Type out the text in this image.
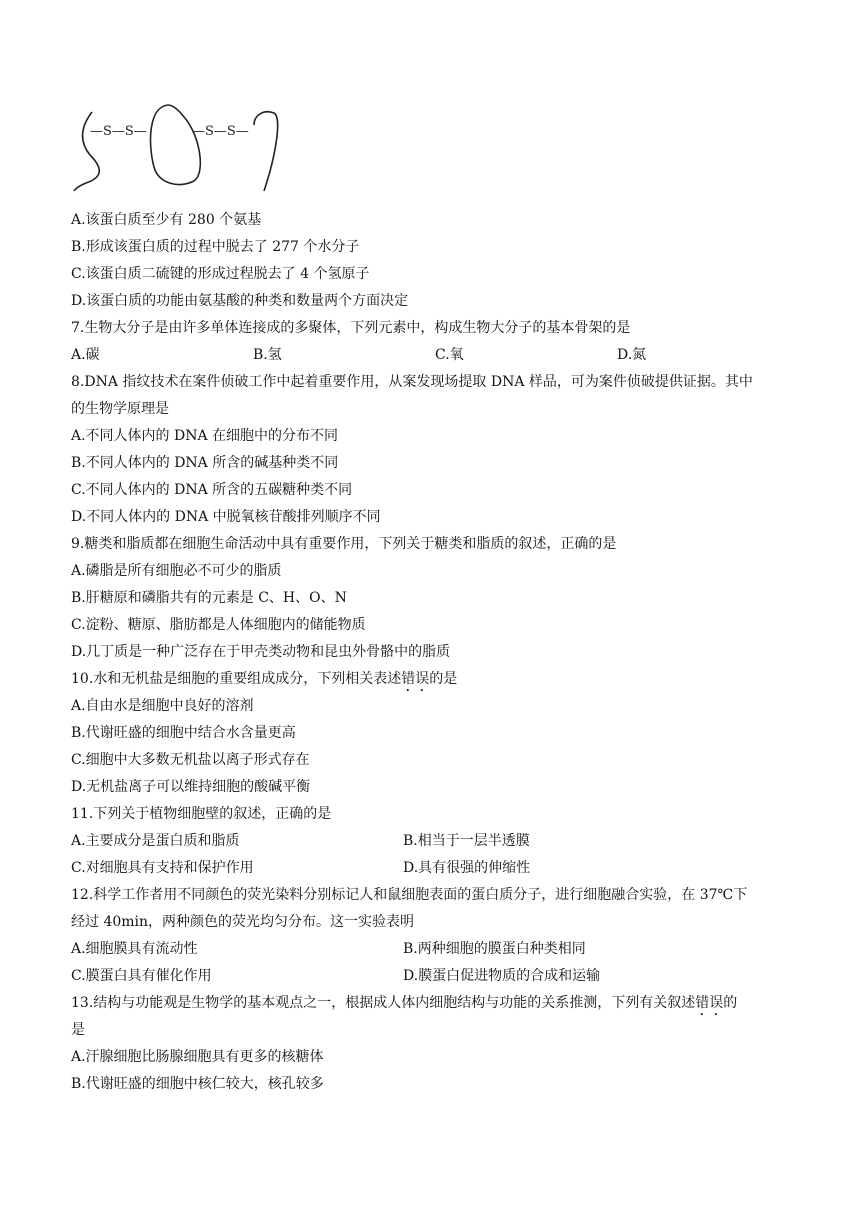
—S—S—	—S—S—
A.该蛋白质至少有 280 个氨基
B.形成该蛋白质的过程中脱去了 277 个水分子
C.该蛋白质二硫键的形成过程脱去了 4 个氢原子
D.该蛋白质的功能由氨基酸的种类和数量两个方面决定
7.生物大分子是由许多单体连接成的多聚体，下列元素中，构成生物大分子的基本骨架的是
A.碳	B.氢	C.氧	D.氮
8.DNA 指纹技术在案件侦破工作中起着重要作用，从案发现场提取 DNA 样品，可为案件侦破提供证据。其中
的生物学原理是
A.不同人体内的 DNA 在细胞中的分布不同
B.不同人体内的 DNA 所含的碱基种类不同
C.不同人体内的 DNA 所含的五碳糖种类不同
D.不同人体内的 DNA 中脱氧核苷酸排列顺序不同
9.糖类和脂质都在细胞生命活动中具有重要作用，下列关于糖类和脂质的叙述，正确的是
A.磷脂是所有细胞必不可少的脂质
B.肝糖原和磷脂共有的元素是 C、H、O、N
C.淀粉、糖原、脂肪都是人体细胞内的储能物质
D.几丁质是一种广泛存在于甲壳类动物和昆虫外骨骼中的脂质
10.水和无机盐是细胞的重要组成成分，下列相关表述错误的是
A.自由水是细胞中良好的溶剂
B.代谢旺盛的细胞中结合水含量更高
C.细胞中大多数无机盐以离子形式存在
D.无机盐离子可以维持细胞的酸碱平衡
11.下列关于植物细胞壁的叙述，正确的是
A.主要成分是蛋白质和脂质	B.相当于一层半透膜
C.对细胞具有支持和保护作用	D.具有很强的伸缩性
12.科学工作者用不同颜色的荧光染料分别标记人和鼠细胞表面的蛋白质分子，进行细胞融合实验，在 37℃下
经过 40min，两种颜色的荧光均匀分布。这一实验表明
A.细胞膜具有流动性	B.两种细胞的膜蛋白种类相同
C.膜蛋白具有催化作用	D.膜蛋白促进物质的合成和运输
13.结构与功能观是生物学的基本观点之一，根据成人体内细胞结构与功能的关系推测，下列有关叙述错误的
是
A.汗腺细胞比肠腺细胞具有更多的核糖体
B.代谢旺盛的细胞中核仁较大，核孔较多
